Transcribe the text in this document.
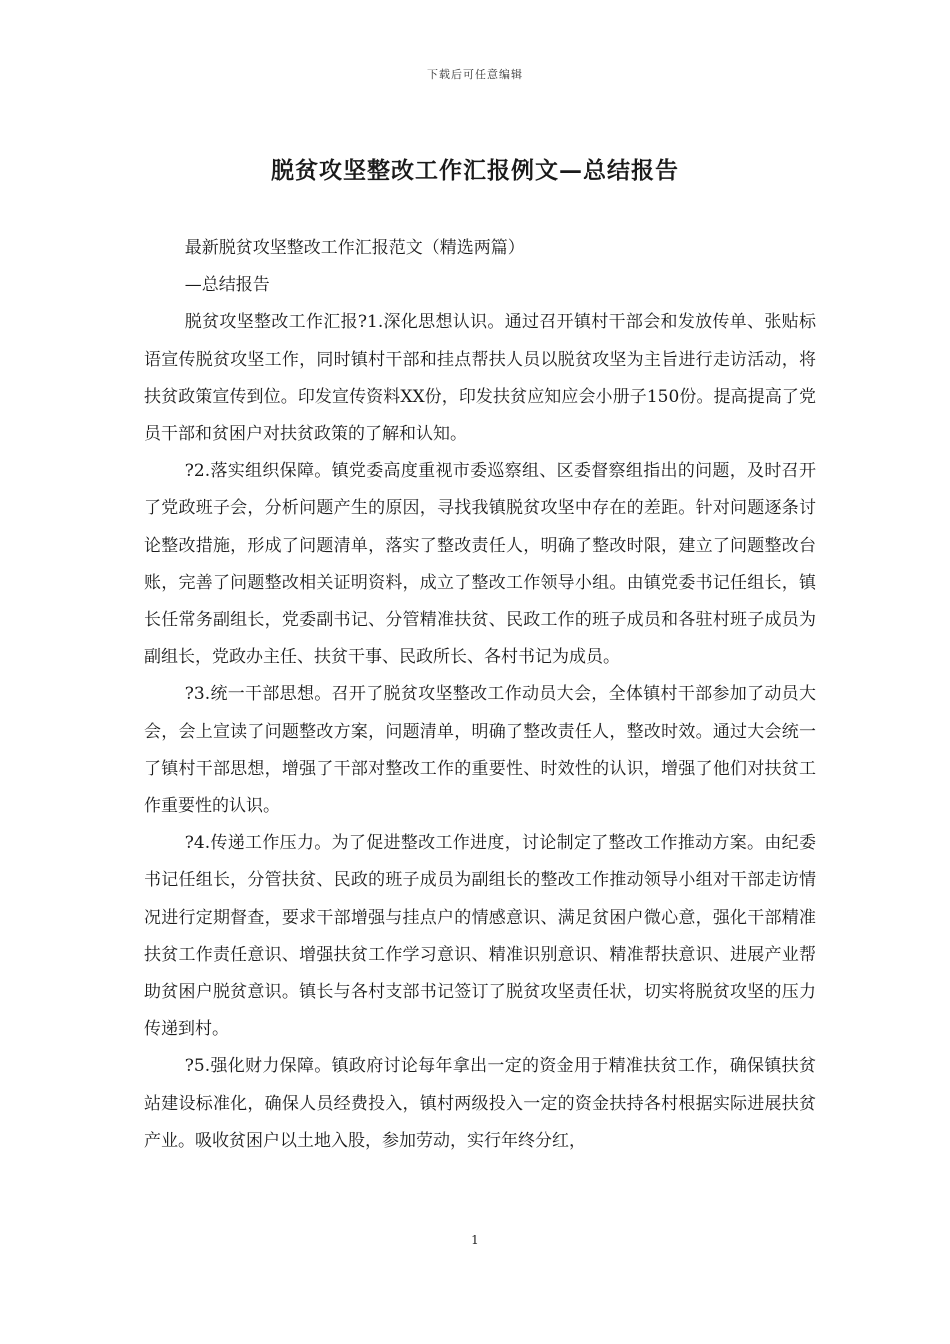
下载后可任意编辑
脱贫攻坚整改工作汇报例文—总结报告

最新脱贫攻坚整改工作汇报范文（精选两篇）

—总结报告

脱贫攻坚整改工作汇报?1.深化思想认识。通过召开镇村干部会和发放传单、张贴标语宣传脱贫攻坚工作，同时镇村干部和挂点帮扶人员以脱贫攻坚为主旨进行走访活动，将扶贫政策宣传到位。印发宣传资料XX份，印发扶贫应知应会小册子150份。提高提高了党员干部和贫困户对扶贫政策的了解和认知。

?2.落实组织保障。镇党委高度重视市委巡察组、区委督察组指出的问题，及时召开了党政班子会，分析问题产生的原因，寻找我镇脱贫攻坚中存在的差距。针对问题逐条讨论整改措施，形成了问题清单，落实了整改责任人，明确了整改时限，建立了问题整改台账，完善了问题整改相关证明资料，成立了整改工作领导小组。由镇党委书记任组长，镇长任常务副组长，党委副书记、分管精准扶贫、民政工作的班子成员和各驻村班子成员为副组长，党政办主任、扶贫干事、民政所长、各村书记为成员。

?3.统一干部思想。召开了脱贫攻坚整改工作动员大会，全体镇村干部参加了动员大会，会上宣读了问题整改方案，问题清单，明确了整改责任人，整改时效。通过大会统一了镇村干部思想，增强了干部对整改工作的重要性、时效性的认识，增强了他们对扶贫工作重要性的认识。

?4.传递工作压力。为了促进整改工作进度，讨论制定了整改工作推动方案。由纪委书记任组长，分管扶贫、民政的班子成员为副组长的整改工作推动领导小组对干部走访情况进行定期督查，要求干部增强与挂点户的情感意识、满足贫困户微心意，强化干部精准扶贫工作责任意识、增强扶贫工作学习意识、精准识别意识、精准帮扶意识、进展产业帮助贫困户脱贫意识。镇长与各村支部书记签订了脱贫攻坚责任状，切实将脱贫攻坚的压力传递到村。

?5.强化财力保障。镇政府讨论每年拿出一定的资金用于精准扶贫工作，确保镇扶贫站建设标准化，确保人员经费投入，镇村两级投入一定的资金扶持各村根据实际进展扶贫产业。吸收贫困户以土地入股，参加劳动，实行年终分红，

1
